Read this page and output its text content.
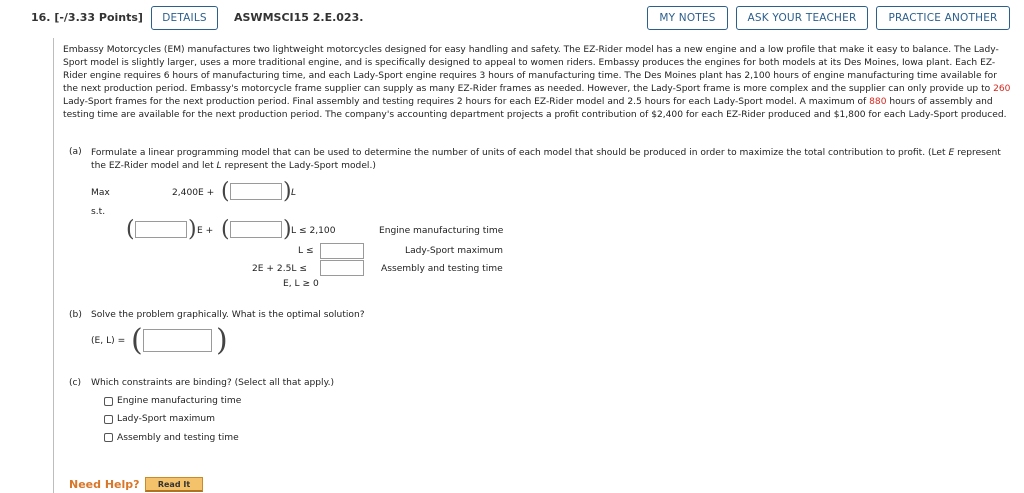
16. [-/3.33 Points]	DETAILS	ASWMSCI15 2.E.023.	MY NOTES	ASK YOUR TEACHER	PRACTICE ANOTHER

Embassy Motorcycles (EM) manufactures two lightweight motorcycles designed for easy handling and safety. The EZ-Rider model has a new engine and a low profile that make it easy to balance. The Lady-Sport model is slightly larger, uses a more traditional engine, and is specifically designed to appeal to women riders. Embassy produces the engines for both models at its Des Moines, Iowa plant. Each EZ-Rider engine requires 6 hours of manufacturing time, and each Lady-Sport engine requires 3 hours of manufacturing time. The Des Moines plant has 2,100 hours of engine manufacturing time available for the next production period. Embassy's motorcycle frame supplier can supply as many EZ-Rider frames as needed. However, the Lady-Sport frame is more complex and the supplier can only provide up to 260 Lady-Sport frames for the next production period. Final assembly and testing requires 2 hours for each EZ-Rider model and 2.5 hours for each Lady-Sport model. A maximum of 880 hours of assembly and testing time are available for the next production period. The company's accounting department projects a profit contribution of $2,400 for each EZ-Rider produced and $1,800 for each Lady-Sport produced.

(a) Formulate a linear programming model that can be used to determine the number of units of each model that should be produced in order to maximize the total contribution to profit. (Let E represent the EZ-Rider model and let L represent the Lady-Sport model.)
Max	2,400E + ( ) L
s.t.
( ) E + ( ) L ≤ 2,100	Engine manufacturing time
L ≤	Lady-Sport maximum
2E + 2.5L ≤	Assembly and testing time
E, L ≥ 0
(b) Solve the problem graphically. What is the optimal solution?
(E, L) = ( )
(c) Which constraints are binding? (Select all that apply.)
Engine manufacturing time
Lady-Sport maximum
Assembly and testing time
Need Help?	Read It
